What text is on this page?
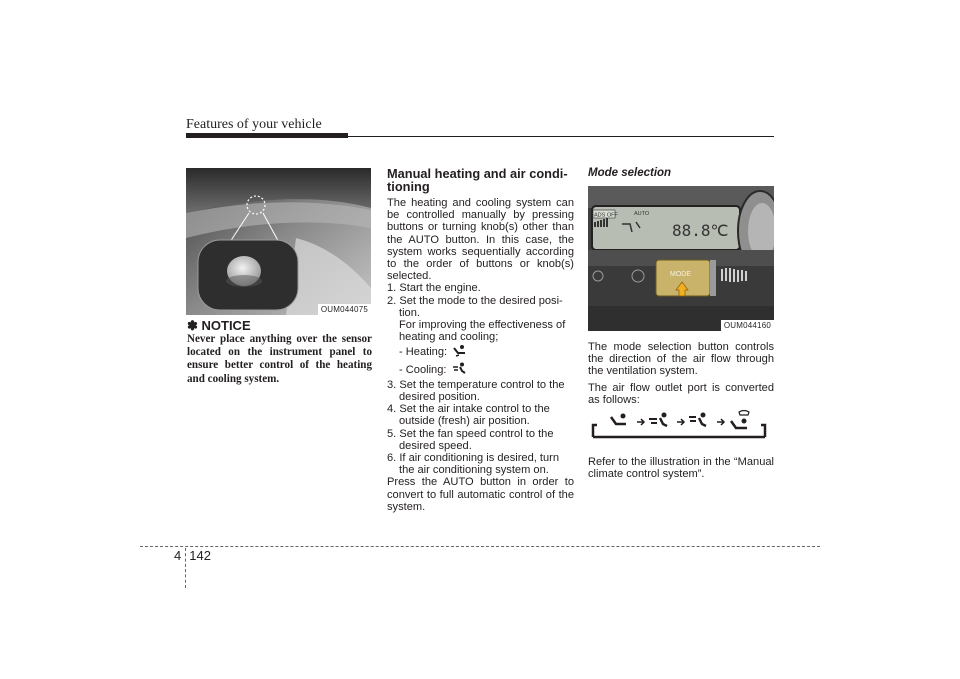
Features of your vehicle
OUM044075
✽ NOTICE
Never place anything over the sensor located on the instrument panel to ensure better control of the heating and cooling system.
Manual heating and air condi-tioning

The heating and cooling system can be controlled manually by pressing buttons or turning knob(s) other than the AUTO button. In this case, the system works sequentially according to the order of buttons or knob(s) selected.

1. Start the engine.
2. Set the mode to the desired posi-tion.

For improving the effectiveness of heating and cooling;

- Heating:
- Cooling:
3. Set the temperature control to the desired position.
4. Set the air intake control to the outside (fresh) air position.
5. Set the fan speed control to the desired speed.
6. If air conditioning is desired, turn the air conditioning system on.

Press the AUTO button in order to convert to full automatic control of the system.

Mode selection
ADS OFF	AUTO
88.8℃
MODE
OUM044160

The mode selection button controls the direction of the air flow through the ventilation system.

The air flow outlet port is converted as follows:

Refer to the illustration in the “Manual climate control system”.

4 142
